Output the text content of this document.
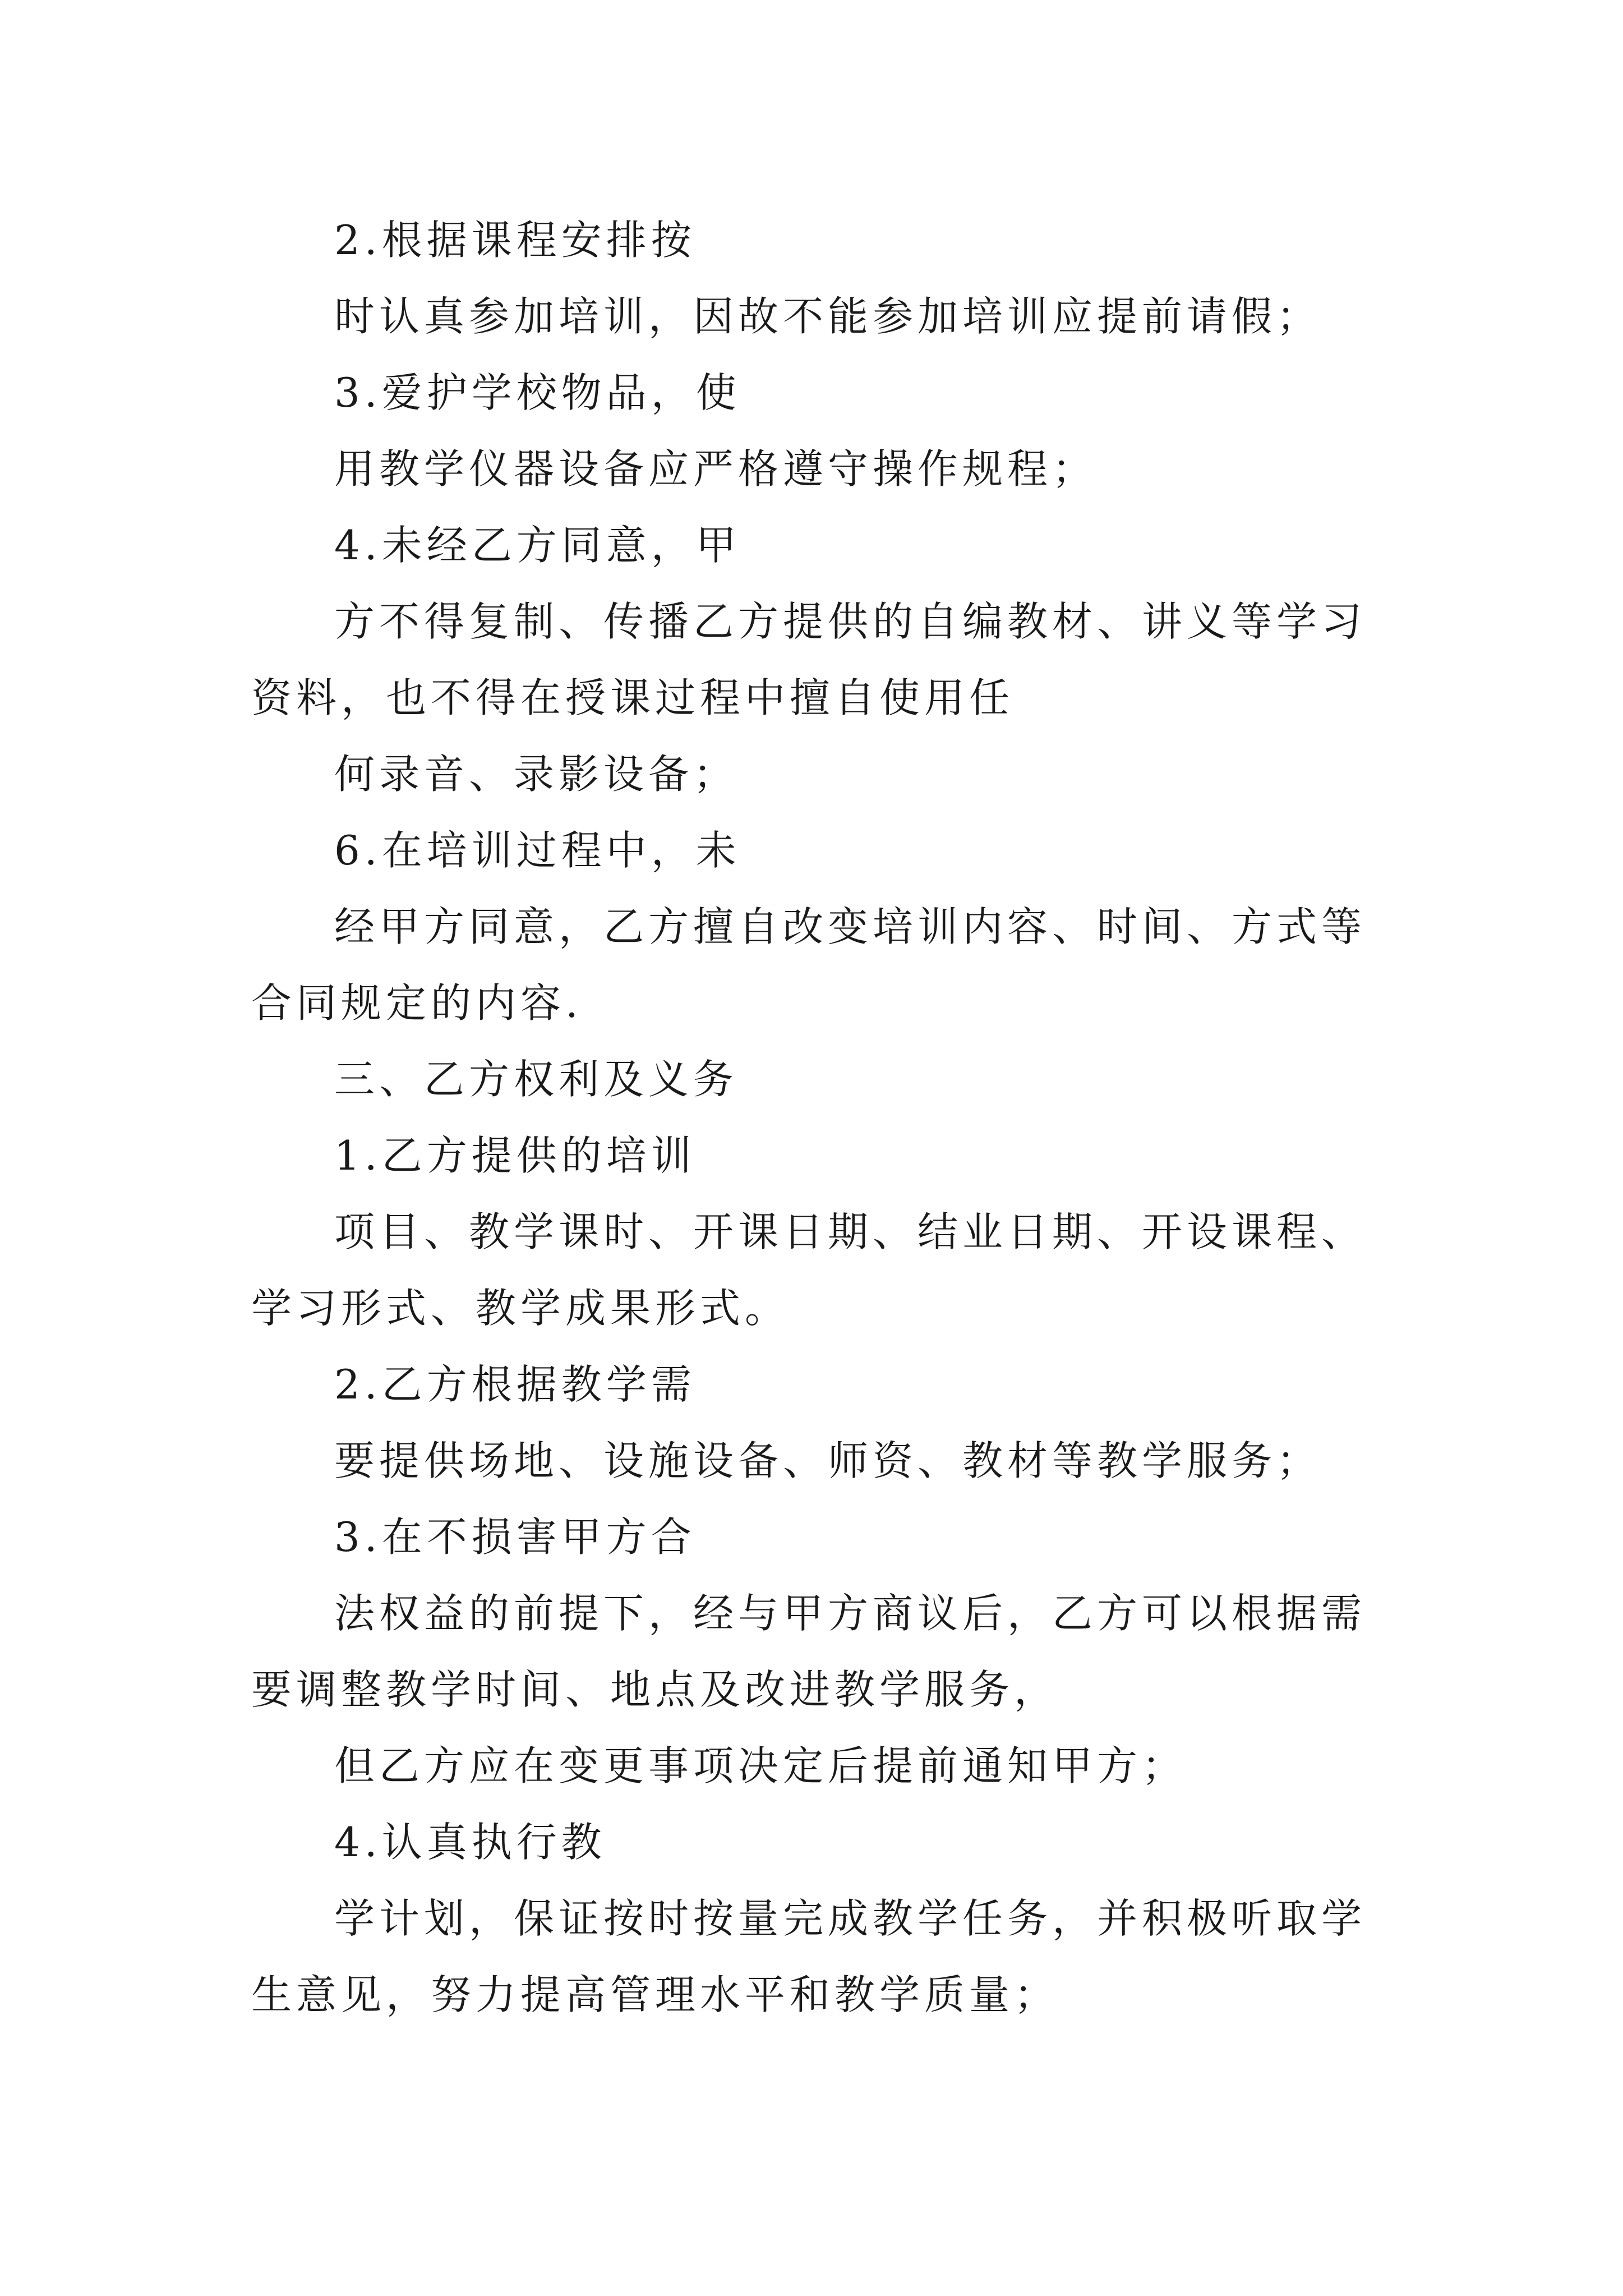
2.根据课程安排按

时认真参加培训，因故不能参加培训应提前请假；

3.爱护学校物品，使

用教学仪器设备应严格遵守操作规程；

4.未经乙方同意，甲

方不得复制、传播乙方提供的自编教材、讲义等学习资料，也不得在授课过程中擅自使用任

何录音、录影设备；

6.在培训过程中，未

经甲方同意，乙方擅自改变培训内容、时间、方式等合同规定的内容.

三、乙方权利及义务

1.乙方提供的培训

项目、教学课时、开课日期、结业日期、开设课程、学习形式、教学成果形式。

2.乙方根据教学需

要提供场地、设施设备、师资、教材等教学服务；

3.在不损害甲方合

法权益的前提下，经与甲方商议后，乙方可以根据需要调整教学时间、地点及改进教学服务，

但乙方应在变更事项决定后提前通知甲方；

4.认真执行教

学计划，保证按时按量完成教学任务，并积极听取学生意见，努力提高管理水平和教学质量；
